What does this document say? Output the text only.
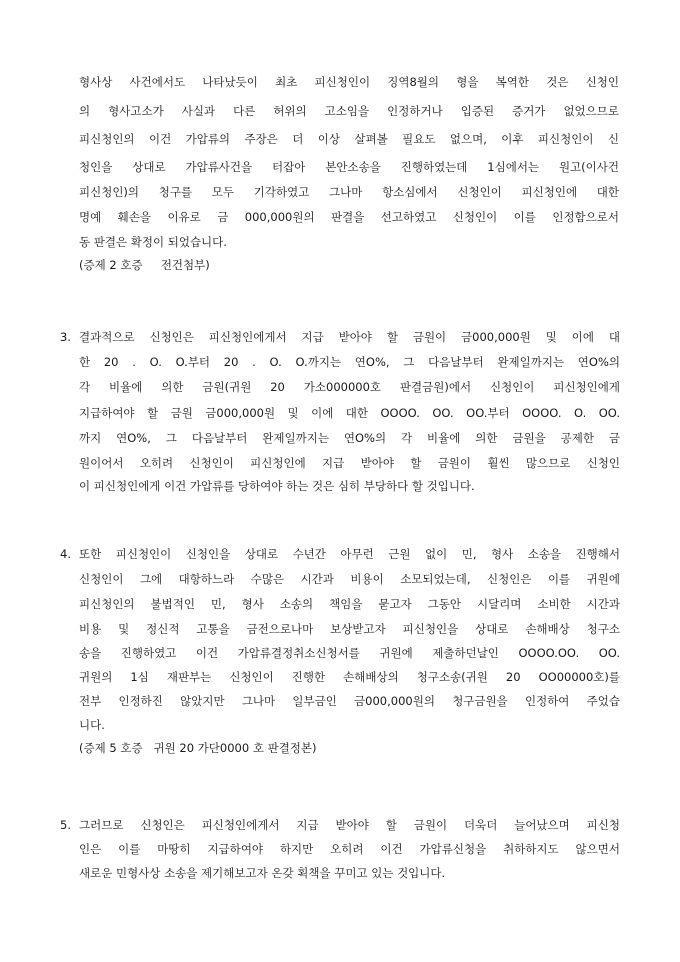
형사상 사건에서도 나타났듯이 최초 피신청인이 징역8월의 형을 복역한 것은 신청인
의 형사고소가 사실과 다른 허위의 고소임을 인정하거나 입증된 증거가 없었으므로
피신청인의 이건 가압류의 주장은 더 이상 살펴볼 필요도 없으며, 이후 피신청인이 신
청인을 상대로 가압류사건을 터잡아 본안소송을 진행하였는데 1심에서는 원고(이사건
피신청인)의 청구를 모두 기각하였고 그나마 항소심에서 신청인이 피신청인에 대한
명예 훼손을 이유로 금 000,000원의 판결을 선고하였고 신청인이 이를 인정함으로서
동 판결은 확정이 되었습니다.
(증제 2 호증     전건첨부)
3. 결과적으로 신청인은 피신청인에게서 지급 받아야 할 금원이 금000,000원 및 이에 대
한 20 . O. O.부터 20 . O. O.까지는 연O%, 그 다음날부터 완제일까지는 연O%의
각 비율에 의한 금원(귀원 20 가소000000호 판결금원)에서 신청인이 피신청인에게
지급하여야 할 금원 금000,000원 및 이에 대한 OOOO. OO. OO.부터 OOOO. O. OO.
까지 연O%, 그 다음날부터 완제일까지는 연O%의 각 비율에 의한 금원을 공제한 금
원이어서 오히려 신청인이 피신청인에 지급 받아야 할 금원이 훨씬 많으므로 신청인
이 피신청인에게 이건 가압류를 당하여야 하는 것은 심히 부당하다 할 것입니다.
4. 또한 피신청인이 신청인을 상대로 수년간 아무런 근원 없이 민, 형사 소송을 진행해서
신청인이 그에 대항하느라 수많은 시간과 비용이 소모되었는데, 신청인은 이를 귀원에
피신청인의 불법적인 민, 형사 소송의 책임을 묻고자 그동안 시달리며 소비한 시간과
비용 및 정신적 고통을 금전으로나마 보상받고자 피신청인을 상대로 손해배상 청구소
송을 진행하였고 이건 가압류결정취소신청서를 귀원에 제출하던날인 OOOO.OO. OO.
귀원의 1심 재판부는 신청인이 진행한 손해배상의 청구소송(귀원 20 OO00000호)를
전부 인정하진 않았지만 그나마 일부금인 금000,000원의 청구금원을 인정하여 주었습
니다.
(증제 5 호증   귀원 20 가단0000 호 판결정본)
5. 그러므로 신청인은 피신청인에게서 지급 받아야 할 금원이 더욱더 늘어났으며 피신청
인은 이를 마땅히 지급하여야 하지만 오히려 이건 가압류신청을 취하하지도 않으면서
새로운 민형사상 소송을 제기해보고자 온갖 획책을 꾸미고 있는 것입니다.
